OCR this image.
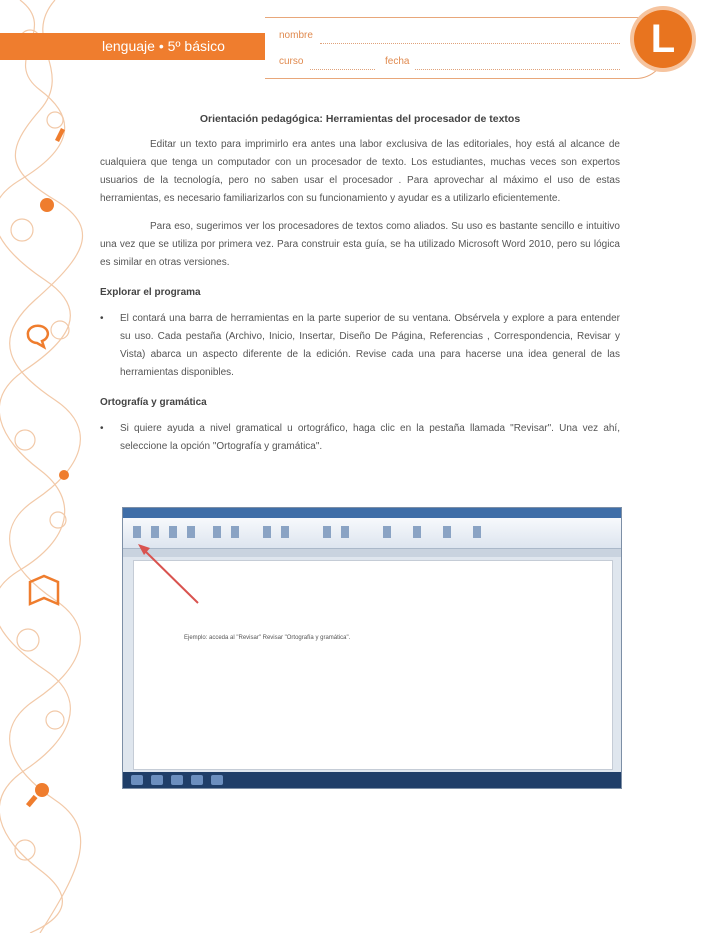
lenguaje • 5º básico
nombre
curso	fecha
L

Orientación pedagógica: Herramientas del procesador de textos

Editar un texto para imprimirlo era antes una labor exclusiva de las editoriales, hoy está al alcance de cualquiera que tenga un computador con un procesador de texto. Los estudiantes, muchas veces son expertos usuarios de la tecnología, pero no saben usar el procesador . Para aprovechar al máximo el uso de estas herramientas, es necesario familiarizarlos con su funcionamiento y ayudar es a utilizarlo eficientemente.

Para eso, sugerimos ver los procesadores de textos como aliados. Su uso es bastante sencillo e intuitivo una vez que se utiliza por primera vez. Para construir esta guía, se ha utilizado Microsoft Word 2010, pero su lógica es similar en otras versiones.

Explorar el programa

• El contará una barra de herramientas en la parte superior de su ventana. Obsérvela y explore a para entender su uso. Cada pestaña (Archivo, Inicio, Insertar, Diseño De Página, Referencias , Correspondencia, Revisar y Vista) abarca un aspecto diferente de la edición. Revise cada una para hacerse una idea general de las herramientas disponibles.

Ortografía y gramática

• Si quiere ayuda a nivel gramatical u ortográfico, haga clic en la pestaña llamada "Revisar". Una vez ahí, seleccione la opción "Ortografía y gramática".

Ejemplo: acceda al "Revisar" Revisar "Ortografía y gramática".
